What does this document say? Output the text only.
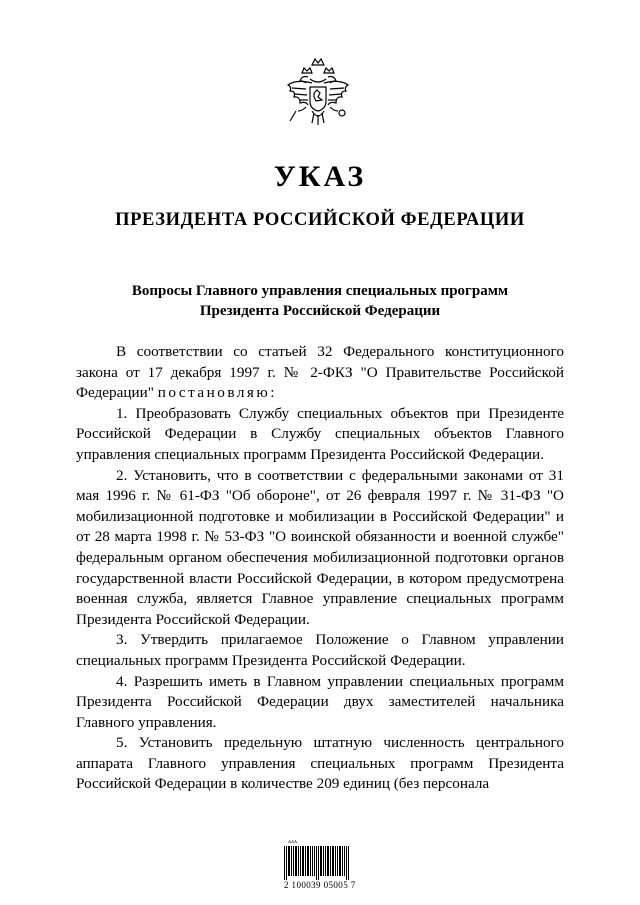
УКАЗ
ПРЕЗИДЕНТА РОССИЙСКОЙ ФЕДЕРАЦИИ
Вопросы Главного управления специальных программ
Президента Российской Федерации

В соответствии со статьей 32 Федерального конституционного закона от 17 декабря 1997 г. № 2-ФКЗ "О Правительстве Российской Федерации" постановляю:

1. Преобразовать Службу специальных объектов при Президенте Российской Федерации в Службу специальных объектов Главного управления специальных программ Президента Российской Федерации.

2. Установить, что в соответствии с федеральными законами от 31 мая 1996 г. № 61-ФЗ "Об обороне", от 26 февраля 1997 г. № 31-ФЗ "О мобилизационной подготовке и мобилизации в Российской Федерации" и от 28 марта 1998 г. № 53-ФЗ "О воинской обязанности и военной службе" федеральным органом обеспечения мобилизационной подготовки органов государственной власти Российской Федерации, в котором предусмотрена военная служба, является Главное управление специальных программ Президента Российской Федерации.

3. Утвердить прилагаемое Положение о Главном управлении специальных программ Президента Российской Федерации.

4. Разрешить иметь в Главном управлении специальных программ Президента Российской Федерации двух заместителей начальника Главного управления.

5. Установить предельную штатную численность центрального аппарата Главного управления специальных программ Президента Российской Федерации в количестве 209 единиц (без персонала

ᴧᴧᴧ
2 100039 05005 7
